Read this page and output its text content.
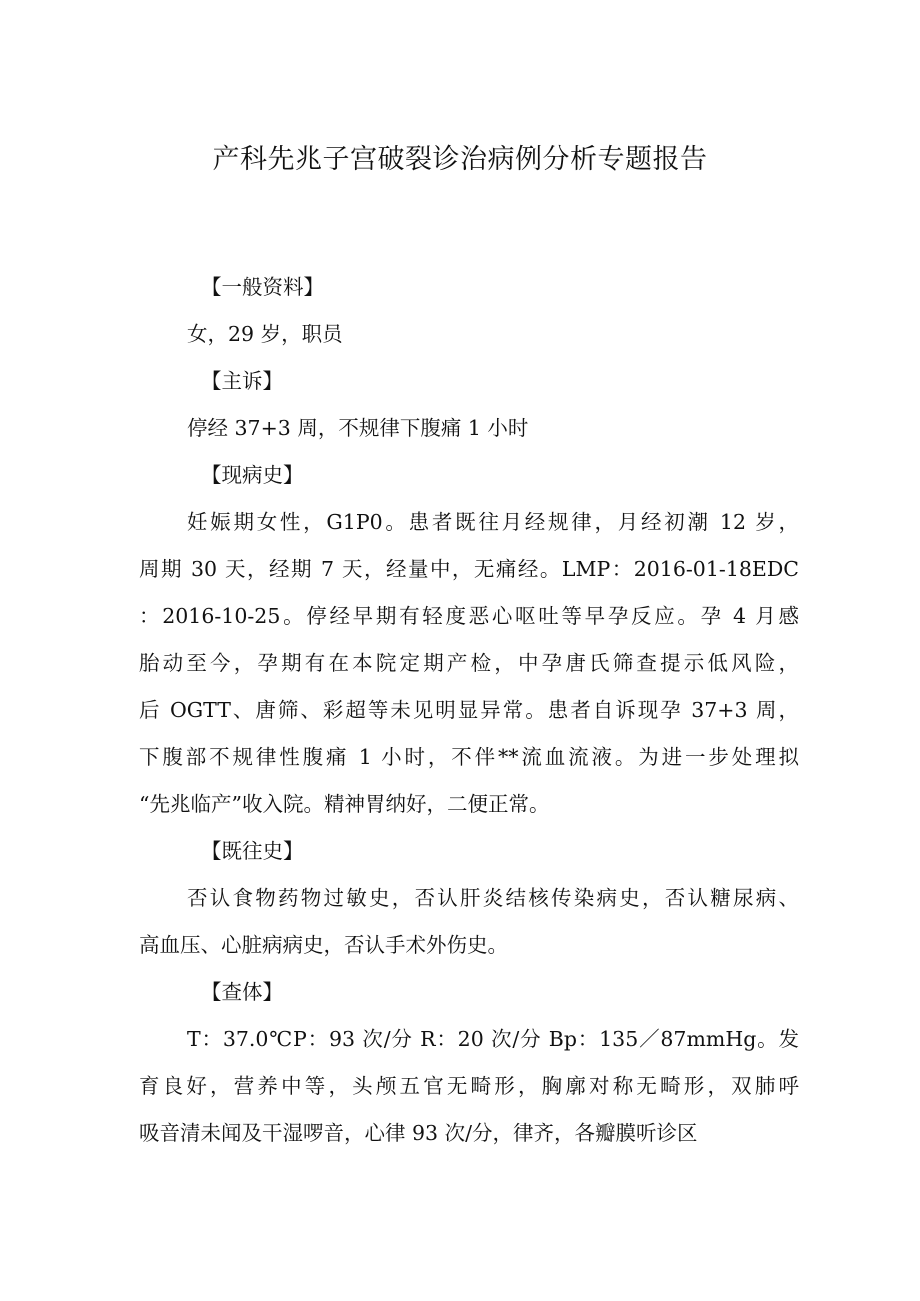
产科先兆子宫破裂诊治病例分析专题报告
【一般资料】
女，29 岁，职员
【主诉】
停经 37+3 周，不规律下腹痛 1 小时
【现病史】
妊娠期女性，G1P0。患者既往月经规律，月经初潮 12 岁，
周期 30 天，经期 7 天，经量中，无痛经。LMP：2016-01-18EDC
：2016-10-25。停经早期有轻度恶心呕吐等早孕反应。孕 4 月感
胎动至今，孕期有在本院定期产检，中孕唐氏筛查提示低风险，
后 OGTT、唐筛、彩超等未见明显异常。患者自诉现孕 37+3 周，
下腹部不规律性腹痛 1 小时，不伴**流血流液。为进一步处理拟
“先兆临产”收入院。精神胃纳好，二便正常。
【既往史】
否认食物药物过敏史，否认肝炎结核传染病史，否认糖尿病、
高血压、心脏病病史，否认手术外伤史。
【查体】
T：37.0℃P：93 次/分 R：20 次/分 Bp：135／87mmHg。发
育良好，营养中等，头颅五官无畸形，胸廓对称无畸形，双肺呼
吸音清未闻及干湿啰音，心律 93 次/分，律齐，各瓣膜听诊区
